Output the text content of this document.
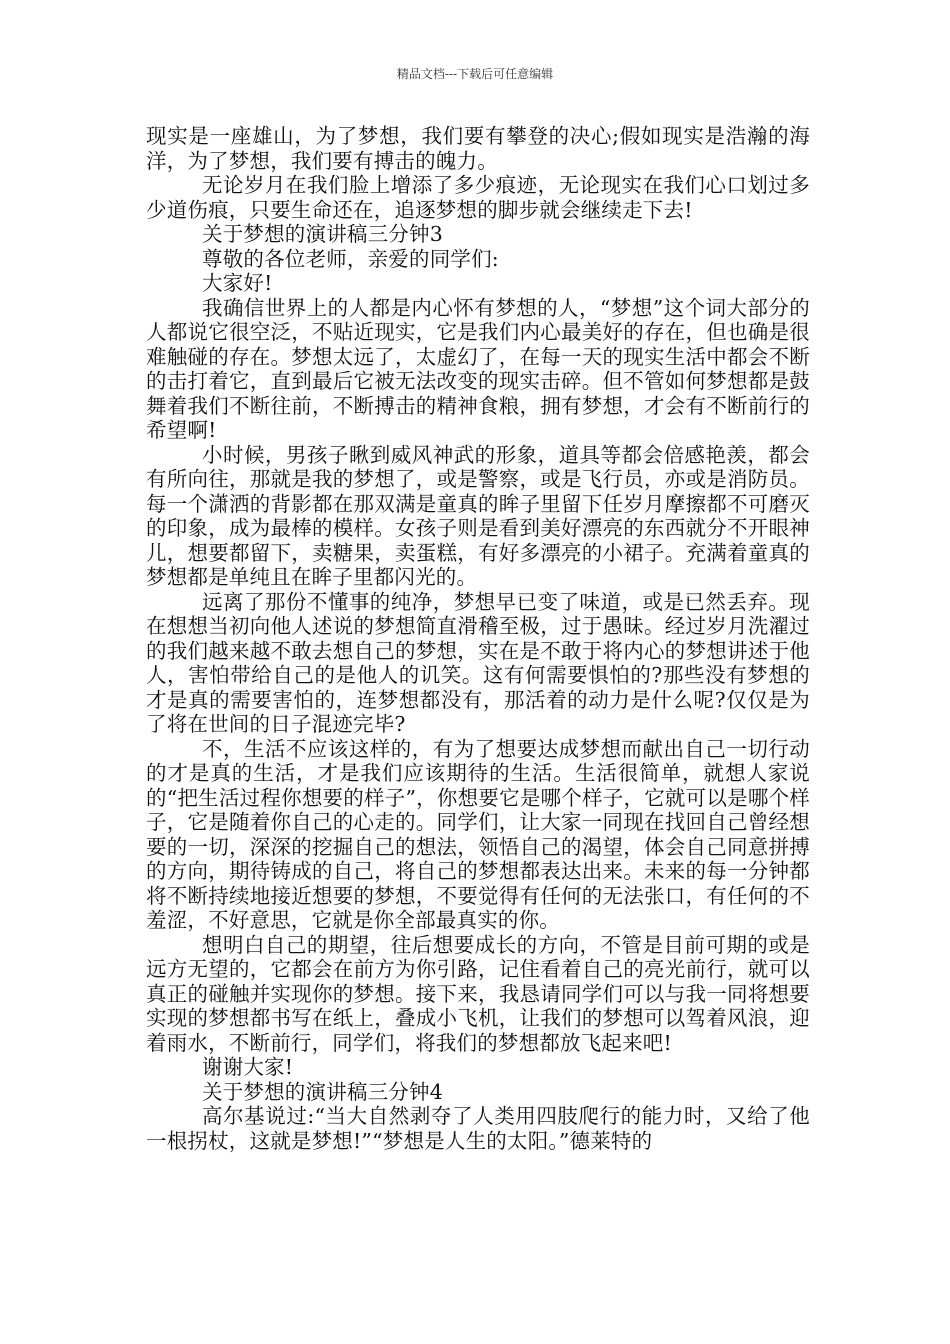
精品文档---下载后可任意编辑

现实是一座雄山，为了梦想，我们要有攀登的决心;假如现实是浩瀚的海洋，为了梦想，我们要有搏击的魄力。

无论岁月在我们脸上增添了多少痕迹，无论现实在我们心口划过多少道伤痕，只要生命还在，追逐梦想的脚步就会继续走下去!

关于梦想的演讲稿三分钟3

尊敬的各位老师，亲爱的同学们:

大家好!

我确信世界上的人都是内心怀有梦想的人，“梦想”这个词大部分的人都说它很空泛，不贴近现实，它是我们内心最美好的存在，但也确是很难触碰的存在。梦想太远了，太虚幻了，在每一天的现实生活中都会不断的击打着它，直到最后它被无法改变的现实击碎。但不管如何梦想都是鼓舞着我们不断往前，不断搏击的精神食粮，拥有梦想，才会有不断前行的希望啊!

小时候，男孩子瞅到威风神武的形象，道具等都会倍感艳羡，都会有所向往，那就是我的梦想了，或是警察，或是飞行员，亦或是消防员。每一个潇洒的背影都在那双满是童真的眸子里留下任岁月摩擦都不可磨灭的印象，成为最棒的模样。女孩子则是看到美好漂亮的东西就分不开眼神儿，想要都留下，卖糖果，卖蛋糕，有好多漂亮的小裙子。充满着童真的梦想都是单纯且在眸子里都闪光的。

远离了那份不懂事的纯净，梦想早已变了味道，或是已然丢弃。现在想想当初向他人述说的梦想简直滑稽至极，过于愚昧。经过岁月洗濯过的我们越来越不敢去想自己的梦想，实在是不敢于将内心的梦想讲述于他人，害怕带给自己的是他人的讥笑。这有何需要惧怕的?那些没有梦想的才是真的需要害怕的，连梦想都没有，那活着的动力是什么呢?仅仅是为了将在世间的日子混迹完毕?

不，生活不应该这样的，有为了想要达成梦想而献出自己一切行动的才是真的生活，才是我们应该期待的生活。生活很简单，就想人家说的“把生活过程你想要的样子”，你想要它是哪个样子，它就可以是哪个样子，它是随着你自己的心走的。同学们，让大家一同现在找回自己曾经想要的一切，深深的挖掘自己的想法，领悟自己的渴望，体会自己同意拼搏的方向，期待铸成的自己，将自己的梦想都表达出来。未来的每一分钟都将不断持续地接近想要的梦想，不要觉得有任何的无法张口，有任何的不羞涩，不好意思，它就是你全部最真实的你。

想明白自己的期望，往后想要成长的方向，不管是目前可期的或是远方无望的，它都会在前方为你引路，记住看着自己的亮光前行，就可以真正的碰触并实现你的梦想。接下来，我恳请同学们可以与我一同将想要实现的梦想都书写在纸上，叠成小飞机，让我们的梦想可以驾着风浪，迎着雨水，不断前行，同学们，将我们的梦想都放飞起来吧!

谢谢大家!

关于梦想的演讲稿三分钟4

高尔基说过:“当大自然剥夺了人类用四肢爬行的能力时，又给了他一根拐杖，这就是梦想!”“梦想是人生的太阳。”德莱特的
